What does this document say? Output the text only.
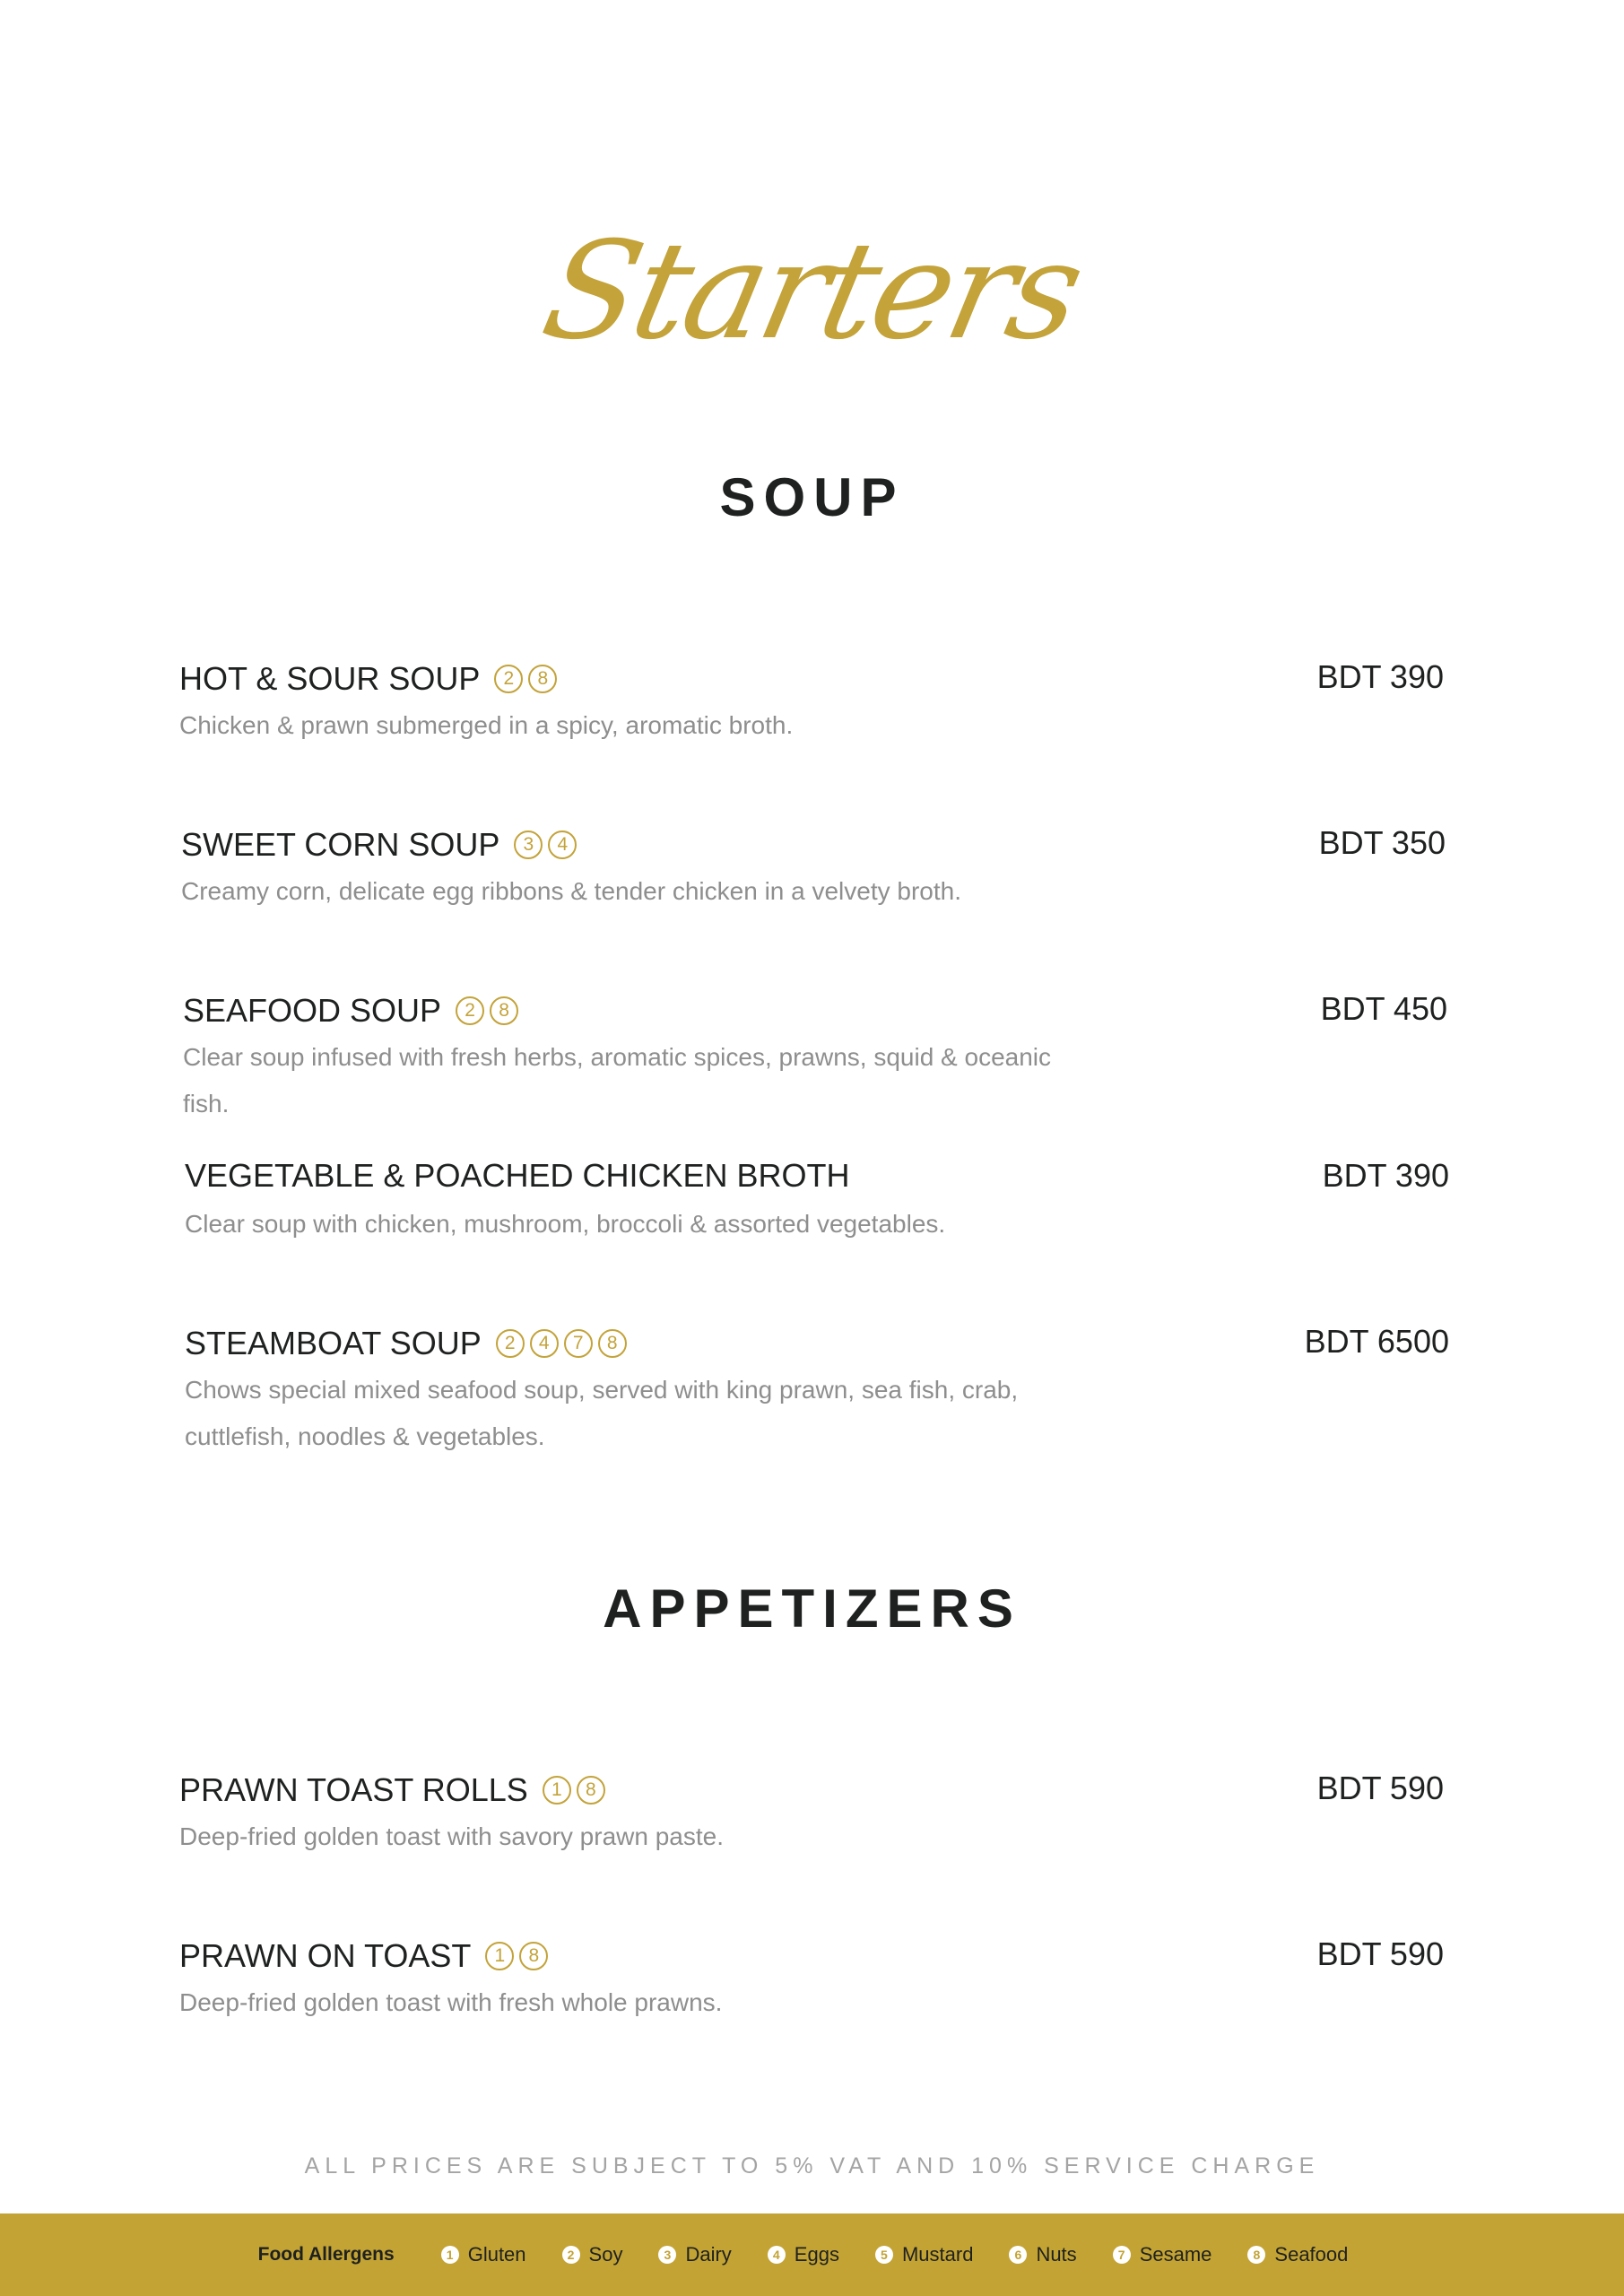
Starters
SOUP
HOT & SOUR SOUP 2 8	BDT 390
Chicken & prawn submerged in a spicy, aromatic broth.
SWEET CORN SOUP 3 4	BDT 350
Creamy corn, delicate egg ribbons & tender chicken in a velvety broth.
SEAFOOD SOUP 2 8	BDT 450
Clear soup infused with fresh herbs, aromatic spices, prawns, squid & oceanic fish.
VEGETABLE & POACHED CHICKEN BROTH	BDT 390
Clear soup with chicken, mushroom, broccoli & assorted vegetables.
STEAMBOAT SOUP 2 4 7 8	BDT 6500
Chows special mixed seafood soup, served with king prawn, sea fish, crab, cuttlefish, noodles & vegetables.
APPETIZERS
PRAWN TOAST ROLLS 1 8	BDT 590
Deep-fried golden toast with savory prawn paste.
PRAWN ON TOAST 1 8	BDT 590
Deep-fried golden toast with fresh whole prawns.
ALL PRICES ARE SUBJECT TO 5% VAT AND 10% SERVICE CHARGE
Food Allergens	1 Gluten	2 Soy	3 Dairy	4 Eggs	5 Mustard	6 Nuts	7 Sesame	8 Seafood
